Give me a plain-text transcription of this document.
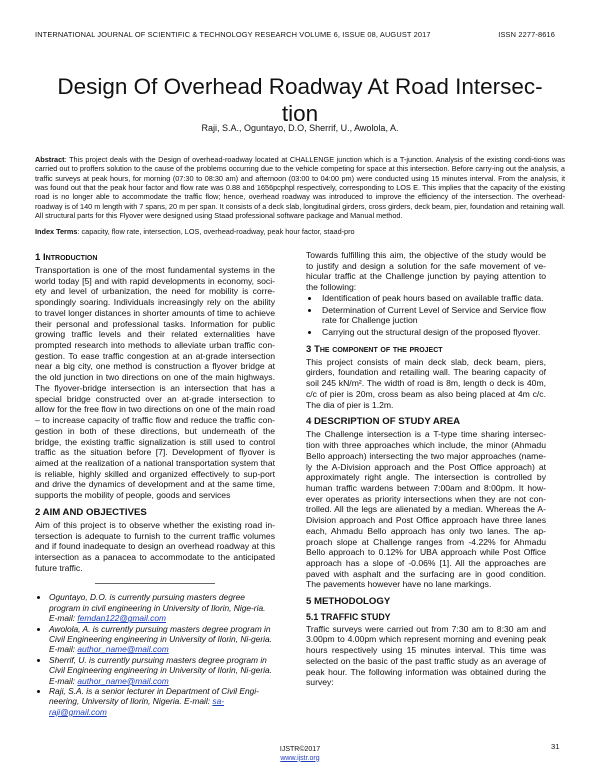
INTERNATIONAL JOURNAL OF SCIENTIFIC & TECHNOLOGY RESEARCH VOLUME 6, ISSUE 08, AUGUST 2017	ISSN 2277-8616
Design Of Overhead Roadway At Road Intersec-tion
Raji, S.A., Oguntayo, D.O, Sherrif, U., Awolola, A.
Abstract: This project deals with the Design of overhead-roadway located at CHALLENGE junction which is a T-junction. Analysis of the existing condi-tions was carried out to proffers solution to the cause of the problems occurring due to the vehicle competing for space at this intersection. Before carry-ing out the analysis, a traffic surveys at peak hours, for morning (07:30 to 08:30 am) and afternoon (03:00 to 04:00 pm) were conducted using 15 minutes interval. From the analysis, it was found out that the peak hour factor and flow rate was 0.88 and 1656pcphpl respectively, corresponding to LOS E. This implies that the capacity of the existing road is no longer able to accommodate the traffic flow; hence, overhead roadway was introduced to improve the efficiency of the intersection. The overhead-roadway is of 140 m length with 7 spans, 20 m per span. It consists of a deck slab, longitudinal girders, cross girders, deck beam, pier, foundation and retaining wall. All structural parts for this Flyover were designed using Staad professional software package and Manual method.
Index Terms: capacity, flow rate, intersection, LOS, overhead-roadway, peak hour factor, staad-pro
1 Introduction

Transportation is one of the most fundamental systems in the world today [5] and with rapid developments in economy, soci-ety and level of urbanization, the need for mobility is corre-spondingly soaring. Individuals increasingly rely on the ability to travel longer distances in shorter amounts of time to achieve their personal and professional tasks. Information for public growing traffic levels and their related externalities have prompted research into methods to alleviate urban traffic con-gestion. To ease traffic congestion at an at-grade intersection near a big city, one method is construction a flyover bridge at the old junction in two directions on one of the main highways. The flyover-bridge intersection is an intersection that has a special bridge constructed over an at-grade intersection to allow for the free flow in two directions on one of the main road – to increase capacity of traffic flow and reduce the traffic con-gestion in both of these directions, but underneath of the bridge, the existing traffic signalization is still used to control traffic as the situation before [7]. Development of flyover is aimed at the realization of a national transportation system that is reliable, highly skilled and organized effectively to sup-port and drive the dynamics of development and at the same time, supports the mobility of people, goods and services

2 AIM AND OBJECTIVES

Aim of this project is to observe whether the existing road in-tersection is adequate to furnish to the current traffic volumes and if found inadequate to design an overhead roadway at this intersection as a panacea to accommodate to the anticipated future traffic.

• Oguntayo, D.O. is currently pursuing masters degree program in civil engineering in University of Ilorin, Nige-ria. E-mail: femdan122@gmail.com
• Awolola, A. is currently pursuing masters degree program in Civil Engineering engineering in University of Ilorin, Ni-geria. E-mail: author_name@mail.com
• Sherrif, U. is currently pursuing masters degree program in Civil Engineering engineering in University of Ilorin, Ni-geria. E-mail: author_name@mail.com
• Raji, S.A. is a senior lecturer in Department of Civil Engi-neering, University of Ilorin, Nigeria. E-mail: sa-raji@gmail.com

Towards fulfilling this aim, the objective of the study would be to justify and design a solution for the safe movement of ve-hicular traffic at the Challenge junction by paying attention to the following:

• Identification of peak hours based on available traffic data.
• Determination of Current Level of Service and Service flow rate for Challenge juction
• Carrying out the structural design of the proposed flyover.
3 The component of the project

This project consists of main deck slab, deck beam, piers, girders, foundation and retailing wall. The bearing capacity of soil 245 kN/m². The width of road is 8m, length o deck is 40m, c/c of pier is 20m, cross beam as also being placed at 4m c/c. The dia of pier is 1.2m.

4 DESCRIPTION OF STUDY AREA

The Challenge intersection is a T-type time sharing intersec-tion with three approaches which include, the minor (Ahmadu Bello approach) intersecting the two major approaches (name-ly the A-Division approach and the Post Office approach) at approximately right angle. The intersection is controlled by human traffic wardens between 7:00am and 8:00pm. It how-ever operates as priority intersections when they are not con-trolled. All the legs are alienated by a median. Whereas the A-Division approach and Post Office approach have three lanes each, Ahmadu Bello approach has only two lanes. The ap-proach slope at Challenge ranges from -4.22% for Ahmadu Bello approach to 0.12% for UBA approach while Post Office approach has a slope of -0.06% [1]. All the approaches are paved with asphalt and the surfacing are in good condition. The pavements however have no lane markings.

5 METHODOLOGY
5.1 TRAFFIC STUDY

Traffic surveys were carried out from 7:30 am to 8:30 am and 3.00pm to 4.00pm which represent morning and evening peak hours respectively using 15 minutes interval. This time was selected on the basic of the past traffic study as an average of peak hour. The following information was obtained during the survey:

IJSTR©2017
www.ijstr.org
31
